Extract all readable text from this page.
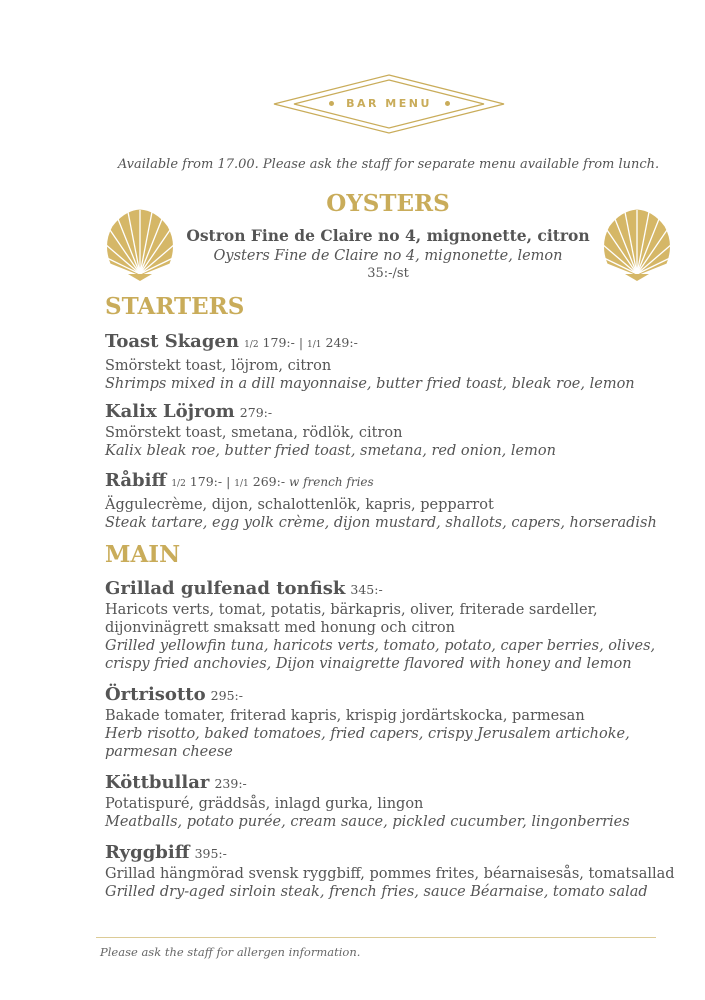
BAR MENU
Available from 17.00. Please ask the staff for separate menu available from lunch.
OYSTERS
Ostron Fine de Claire no 4, mignonette, citron
Oysters Fine de Claire no 4, mignonette, lemon
35:-/st
STARTERS
Toast Skagen 1/2 179:- | 1/1 249:-
Smörstekt toast, löjrom, citron
Shrimps mixed in a dill mayonnaise, butter fried toast, bleak roe, lemon
Kalix Löjrom 279:-
Smörstekt toast, smetana, rödlök, citron
Kalix bleak roe, butter fried toast, smetana, red onion, lemon
Råbiff 1/2 179:- | 1/1 269:- w french fries
Äggulecrème, dijon, schalottenlök, kapris, pepparrot
Steak tartare, egg yolk crème, dijon mustard, shallots, capers, horseradish
MAIN
Grillad gulfenad tonfisk 345:-
Haricots verts, tomat, potatis, bärkapris, oliver, friterade sardeller,
dijonvinägrett smaksatt med honung och citron
Grilled yellowfin tuna, haricots verts, tomato, potato, caper berries, olives,
crispy fried anchovies, Dijon vinaigrette flavored with honey and lemon
Örtrisotto 295:-
Bakade tomater, friterad kapris, krispig jordärtskocka, parmesan
Herb risotto, baked tomatoes, fried capers, crispy Jerusalem artichoke,
parmesan cheese
Köttbullar 239:-
Potatispuré, gräddsås, inlagd gurka, lingon
Meatballs, potato purée, cream sauce, pickled cucumber, lingonberries
Ryggbiff 395:-
Grillad hängmörad svensk ryggbiff, pommes frites, béarnaisesås, tomatsallad
Grilled dry-aged sirloin steak, french fries, sauce Béarnaise, tomato salad
Please ask the staff for allergen information.
